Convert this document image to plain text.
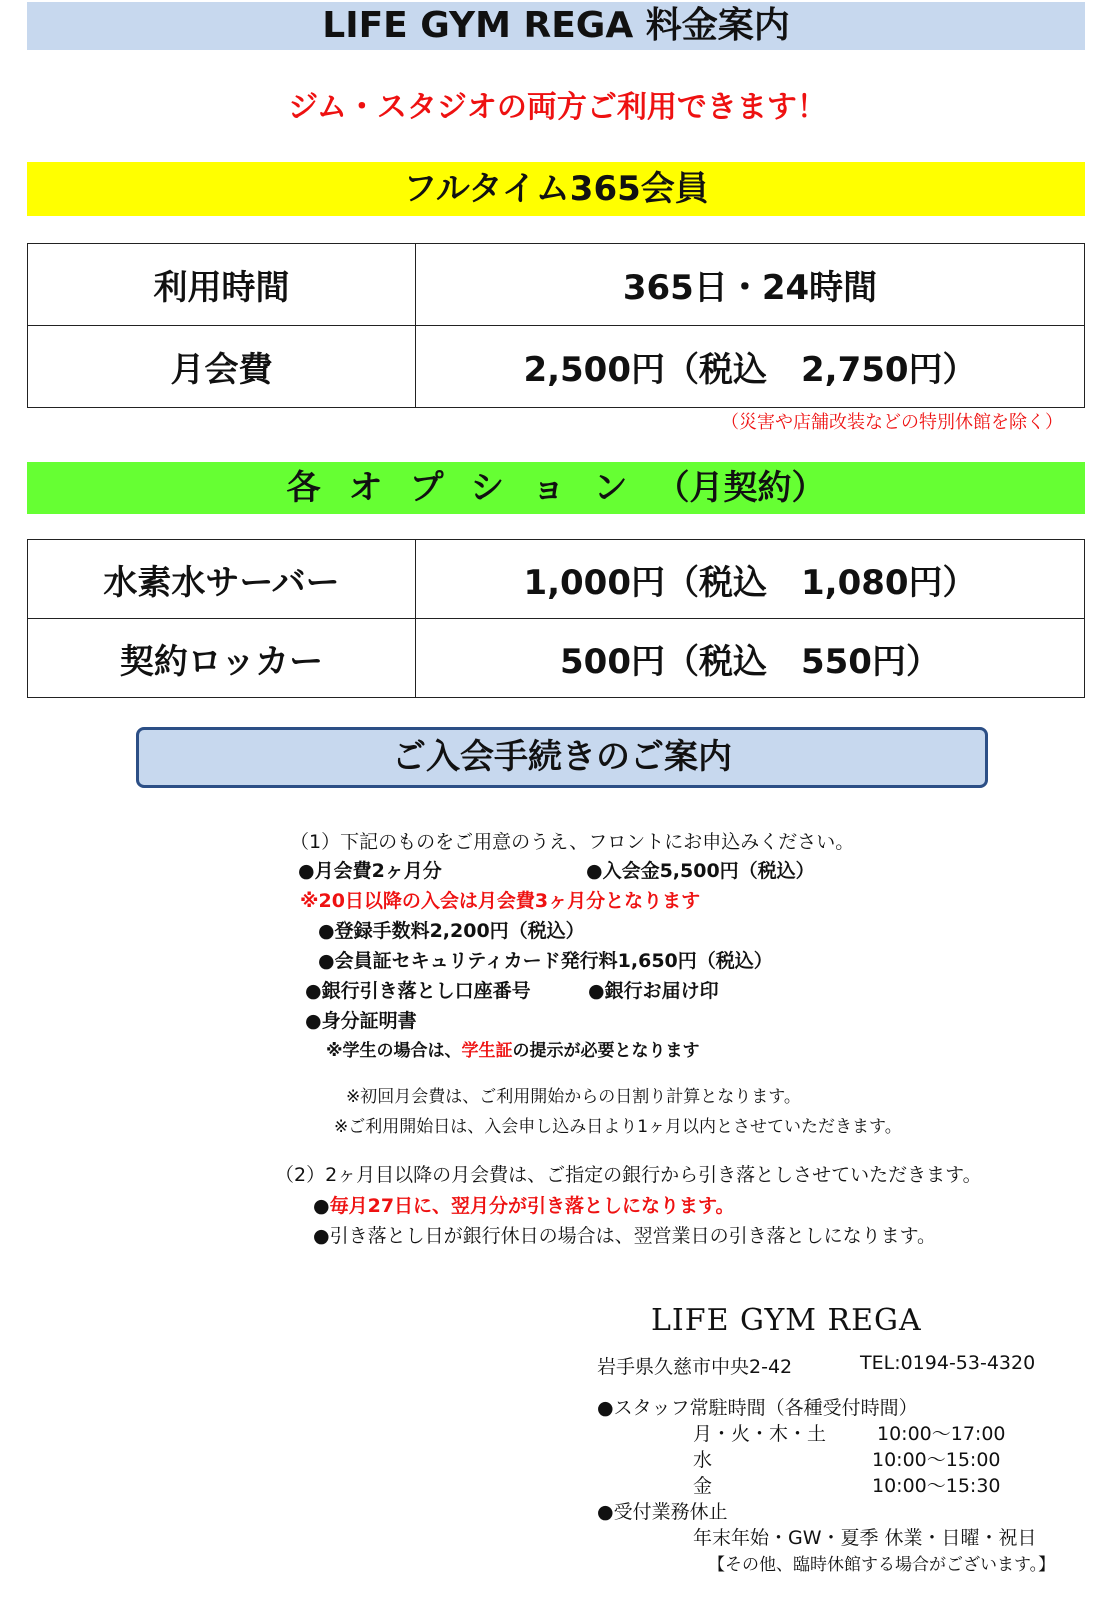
LIFE GYM REGA 料金案内
ジム・スタジオの両方ご利用できます！
フルタイム365会員
利用時間	365日・24時間
月会費	2,500円（税込　2,750円）
（災害や店舗改装などの特別休館を除く）
各オプション（月契約）
水素水サーバー	1,000円（税込　1,080円）
契約ロッカー	500円（税込　550円）
ご入会手続きのご案内
（1）下記のものをご用意のうえ、フロントにお申込みください。
●月会費2ヶ月分	●入会金5,500円（税込）
※20日以降の入会は月会費3ヶ月分となります
●登録手数料2,200円（税込）
●会員証セキュリティカード発行料1,650円（税込）
●銀行引き落とし口座番号	●銀行お届け印
●身分証明書
※学生の場合は、学生証の提示が必要となります
※初回月会費は、ご利用開始からの日割り計算となります。
※ご利用開始日は、入会申し込み日より1ヶ月以内とさせていただきます。
（2）2ヶ月目以降の月会費は、ご指定の銀行から引き落としさせていただきます。
●毎月27日に、翌月分が引き落としになります。
●引き落とし日が銀行休日の場合は、翌営業日の引き落としになります。
LIFE GYM REGA
岩手県久慈市中央2-42	TEL:0194-53-4320
●スタッフ常駐時間（各種受付時間）
月・火・木・土	10:00〜17:00
水	10:00〜15:00
金	10:00〜15:30
●受付業務休止
年末年始・GW・夏季 休業・日曜・祝日
【その他、臨時休館する場合がございます。】
